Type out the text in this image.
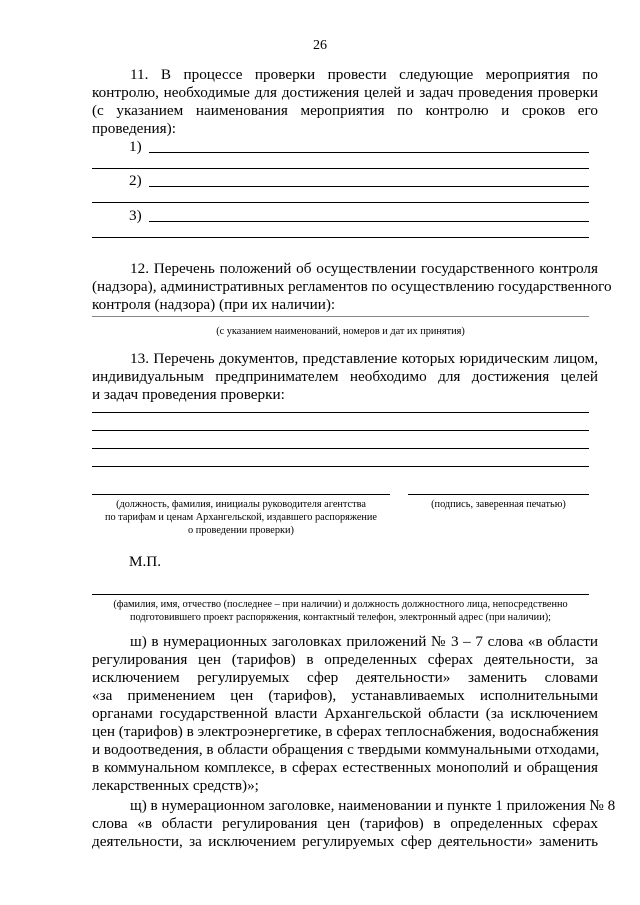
26
11. В процессе проверки провести следующие мероприятия по
контролю, необходимые для достижения целей и задач проведения проверки
(с указанием наименования мероприятия по контролю и сроков его
проведения):
1)
2)
3)
12. Перечень положений об осуществлении государственного контроля
(надзора), административных регламентов по осуществлению государственного
контроля (надзора) (при их наличии):
(с указанием наименований, номеров и дат их принятия)
13. Перечень документов, представление которых юридическим лицом,
индивидуальным предпринимателем необходимо для достижения целей
и задач проведения проверки:
(должность, фамилия, инициалы руководителя агентства
по тарифам и ценам Архангельской, издавшего распоряжение
о проведении проверки)
(подпись, заверенная печатью)
М.П.
(фамилия, имя, отчество (последнее – при наличии) и должность должностного лица, непосредственно
подготовившего проект распоряжения, контактный телефон, электронный адрес (при наличии);
ш) в нумерационных заголовках приложений № 3 – 7 слова «в области
регулирования цен (тарифов) в определенных сферах деятельности, за
исключением регулируемых сфер деятельности» заменить словами
«за применением цен (тарифов), устанавливаемых исполнительными
органами государственной власти Архангельской области (за исключением
цен (тарифов) в электроэнергетике, в сферах теплоснабжения, водоснабжения
и водоотведения, в области обращения с твердыми коммунальными отходами,
в коммунальном комплексе, в сферах естественных монополий и обращения
лекарственных средств)»;
щ) в нумерационном заголовке, наименовании и пункте 1 приложения № 8
слова «в области регулирования цен (тарифов) в определенных сферах
деятельности, за исключением регулируемых сфер деятельности» заменить
